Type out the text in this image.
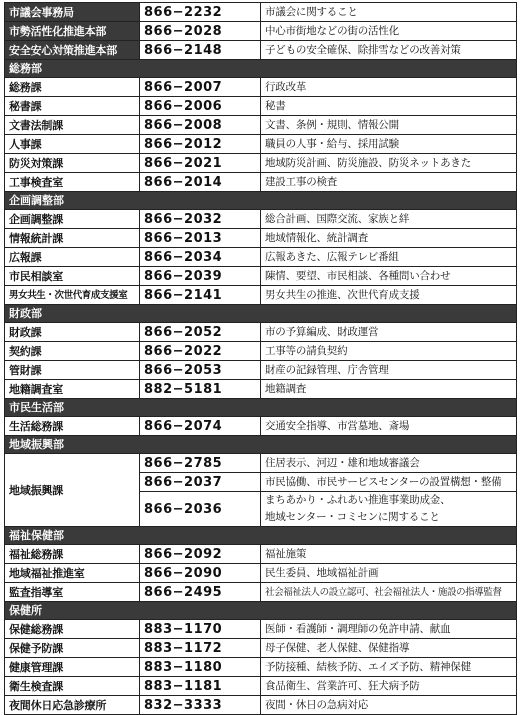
市議会事務局	866−2232	市議会に関すること
市勢活性化推進本部	866−2028	中心市街地などの街の活性化
安全安心対策推進本部	866−2148	子どもの安全確保、除排雪などの改善対策
総務部		
総務課	866−2007	行政改革
秘書課	866−2006	秘書
文書法制課	866−2008	文書、条例・規則、情報公開
人事課	866−2012	職員の人事・給与、採用試験
防災対策課	866−2021	地域防災計画、防災施設、防災ネットあきた
工事検査室	866−2014	建設工事の検査
企画調整部		
企画調整課	866−2032	総合計画、国際交流、家族と絆
情報統計課	866−2013	地域情報化、統計調査
広報課	866−2034	広報あきた、広報テレビ番組
市民相談室	866−2039	陳情、要望、市民相談、各種問い合わせ
男女共生・次世代育成支援室	866−2141	男女共生の推進、次世代育成支援
財政部		
財政課	866−2052	市の予算編成、財政運営
契約課	866−2022	工事等の請負契約
管財課	866−2053	財産の記録管理、庁舎管理
地籍調査室	882−5181	地籍調査
市民生活部		
生活総務課	866−2074	交通安全指導、市営墓地、斎場
地域振興部		
地域振興課	866−2785	住居表示、河辺・雄和地域審議会
	866−2037	市民協働、市民サービスセンターの設置構想・整備
	866−2036	まちあかり・ふれあい推進事業助成金、
地域センター・コミセンに関すること

福祉保健部		
福祉総務課	866−2092	福祉施策
地域福祉推進室	866−2090	民生委員、地域福祉計画
監査指導室	866−2495	社会福祉法人の設立認可、社会福祉法人・施設の指導監督
保健所		
保健総務課	883−1170	医師・看護師・調理師の免許申請、献血
保健予防課	883−1172	母子保健、老人保健、保健指導
健康管理課	883−1180	予防接種、結核予防、エイズ予防、精神保健
衛生検査課	883−1181	食品衛生、営業許可、狂犬病予防
夜間休日応急診療所	832−3333	夜間・休日の急病対応
